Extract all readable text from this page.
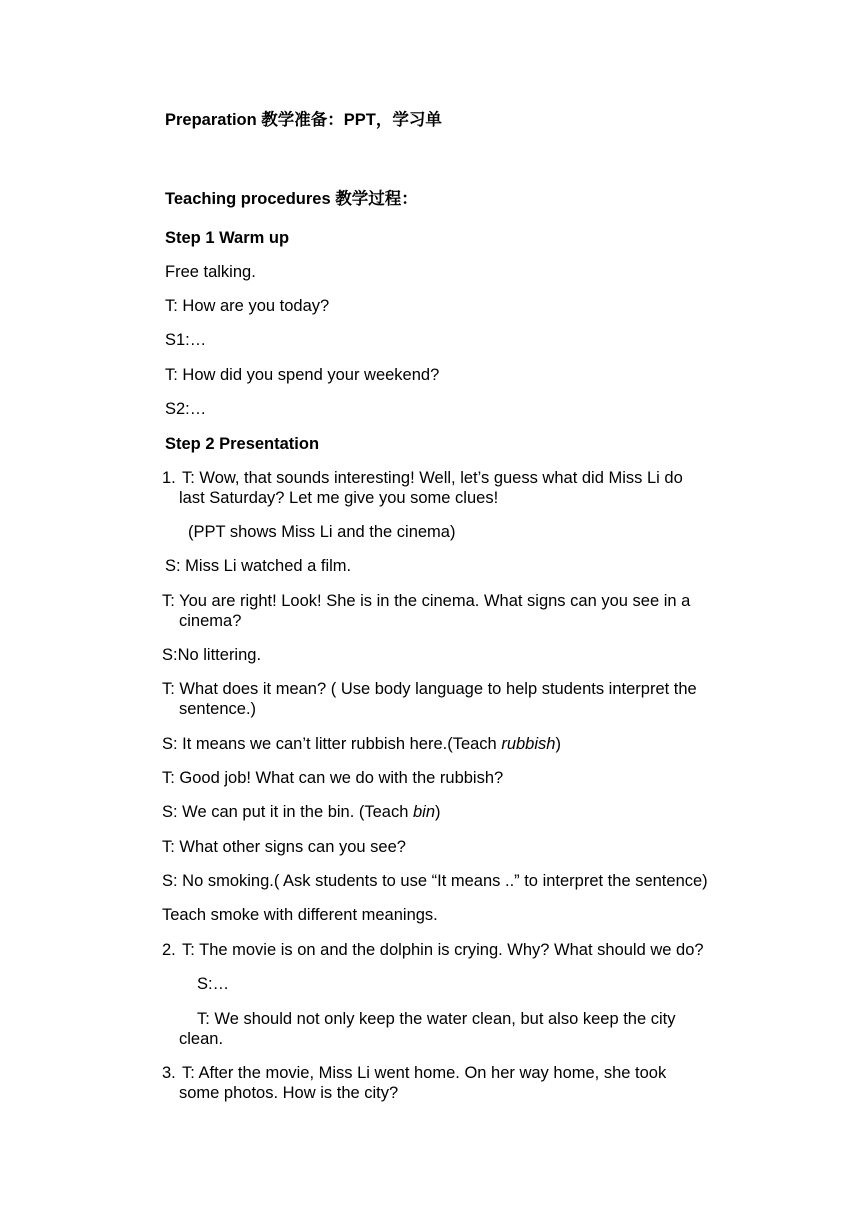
Preparation 教学准备：PPT，学习单
Teaching procedures 教学过程：
Step 1 Warm up
Free talking.
T: How are you today?
S1:…
T: How did you spend your weekend?
S2:…
Step 2 Presentation
1. T: Wow, that sounds interesting! Well, let’s guess what did Miss Li do
last Saturday? Let me give you some clues!
(PPT shows Miss Li and the cinema)
S: Miss Li watched a film.
T: You are right! Look! She is in the cinema. What signs can you see in a
cinema?
S:No littering.
T: What does it mean? ( Use body language to help students interpret the
sentence.)
S: It means we can’t litter rubbish here.(Teach rubbish)
T: Good job! What can we do with the rubbish?
S: We can put it in the bin. (Teach bin)
T: What other signs can you see?
S: No smoking.( Ask students to use “It means ..” to interpret the sentence)
Teach smoke with different meanings.
2. T: The movie is on and the dolphin is crying. Why? What should we do?
S:…
T: We should not only keep the water clean, but also keep the city
clean.
3. T: After the movie, Miss Li went home. On her way home, she took
some photos. How is the city?
